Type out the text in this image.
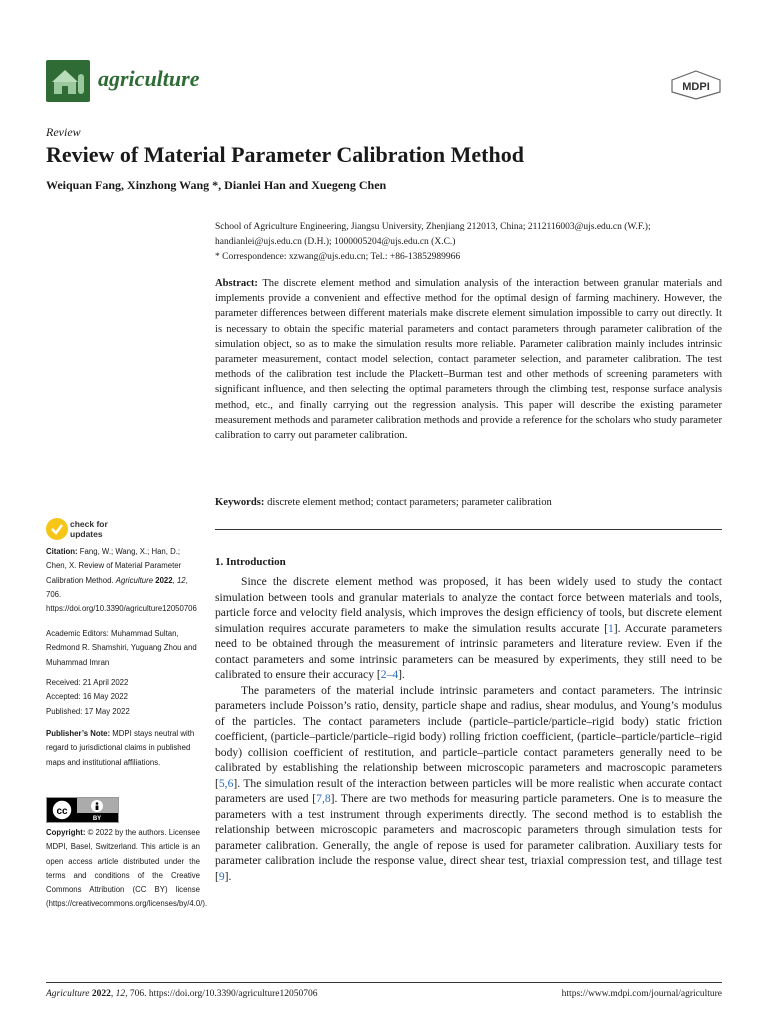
agriculture	MDPI
Review
Review of Material Parameter Calibration Method
Weiquan Fang, Xinzhong Wang *, Dianlei Han and Xuegeng Chen

School of Agriculture Engineering, Jiangsu University, Zhenjiang 212013, China; 2112116003@ujs.edu.cn (W.F.);

handianlei@ujs.edu.cn (D.H.); 1000005204@ujs.edu.cn (X.C.)

* Correspondence: xzwang@ujs.edu.cn; Tel.: +86-13852989966

Abstract: The discrete element method and simulation analysis of the interaction between granular materials and implements provide a convenient and effective method for the optimal design of farming machinery. However, the parameter differences between different materials make discrete element simulation impossible to carry out directly. It is necessary to obtain the specific material parameters and contact parameters through parameter calibration of the simulation object, so as to make the simulation results more reliable. Parameter calibration mainly includes intrinsic parameter measurement, contact model selection, contact parameter selection, and parameter calibration. The test methods of the calibration test include the Plackett–Burman test and other methods of screening parameters with significant influence, and then selecting the optimal parameters through the climbing test, response surface analysis method, etc., and finally carrying out the regression analysis. This paper will describe the existing parameter measurement methods and parameter calibration methods and provide a reference for the scholars who study parameter calibration to carry out parameter calibration.
Keywords: discrete element method; contact parameters; parameter calibration
1. Introduction

Since the discrete element method was proposed, it has been widely used to study the contact simulation between tools and granular materials to analyze the contact force between materials and tools, particle force and velocity field analysis, which improves the design efficiency of tools, but discrete element simulation requires accurate parameters to make the simulation results accurate [1]. Accurate parameters need to be obtained through the measurement of intrinsic parameters and literature review. Even if the contact parameters and some intrinsic parameters can be measured by experiments, they still need to be calibrated to ensure their accuracy [2–4].

The parameters of the material include intrinsic parameters and contact parameters. The intrinsic parameters include Poisson’s ratio, density, particle shape and radius, shear modulus, and Young’s modulus of the particles. The contact parameters include (particle–particle/particle–rigid body) static friction coefficient, (particle–particle/particle–rigid body) rolling friction coefficient, (particle–particle/particle–rigid body) collision coefficient of restitution, and particle–particle contact parameters generally need to be calibrated by establishing the relationship between microscopic parameters and macroscopic parameters [5,6]. The simulation result of the interaction between particles will be more realistic when accurate contact parameters are used [7,8]. There are two methods for measuring particle parameters. One is to measure the parameters with a test instrument through experiments directly. The second method is to establish the relationship between microscopic parameters and macroscopic parameters through simulation tests for parameter calibration. Generally, the angle of repose is used for parameter calibration. Auxiliary tests for parameter calibration include the response value, direct shear test, triaxial compression test, and tillage test [9].

check for
updates
Citation: Fang, W.; Wang, X.; Han, D.; Chen, X. Review of Material Parameter Calibration Method. Agriculture 2022, 12, 706. https://doi.org/10.3390/agriculture12050706
Academic Editors: Muhammad Sultan, Redmond R. Shamshiri, Yuguang Zhou and Muhammad Imran
Received: 21 April 2022
Accepted: 16 May 2022
Published: 17 May 2022
Publisher’s Note: MDPI stays neutral with regard to jurisdictional claims in published maps and institutional affiliations.
cc
BY
Copyright: © 2022 by the authors. Licensee MDPI, Basel, Switzerland. This article is an open access article distributed under the terms and conditions of the Creative Commons Attribution (CC BY) license (https://creativecommons.org/licenses/by/4.0/).
Agriculture 2022, 12, 706. https://doi.org/10.3390/agriculture12050706	https://www.mdpi.com/journal/agriculture
